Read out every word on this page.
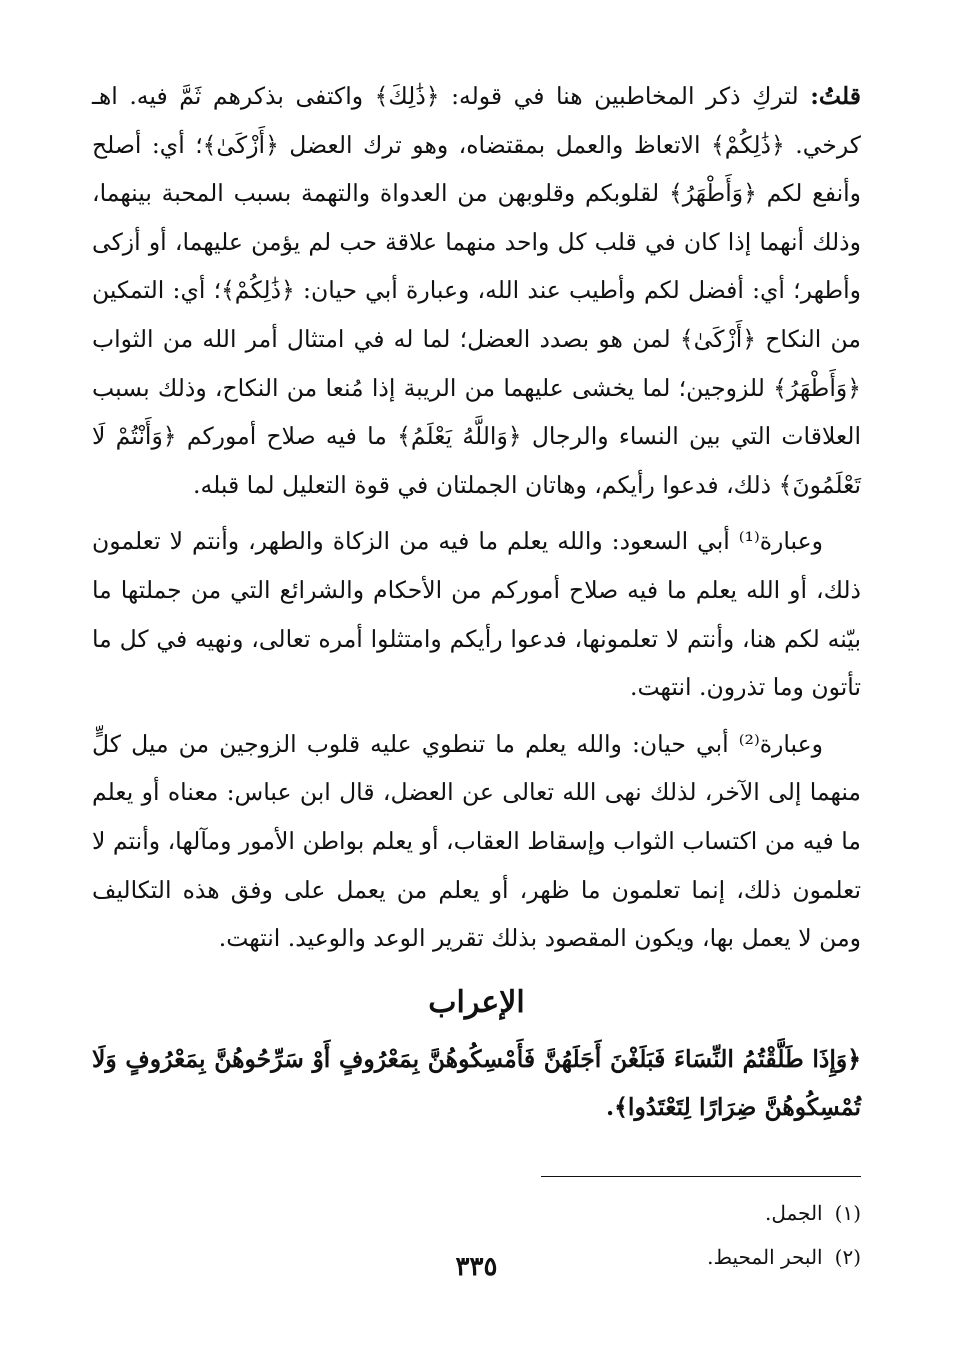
قلتُ: لتركِ ذكر المخاطبين هنا في قوله: ﴿ذَٰلِكَ﴾ واكتفى بذكرهم ثَمَّ فيه. اهـ كرخي. ﴿ذَٰلِكُمْ﴾ الاتعاظ والعمل بمقتضاه، وهو ترك العضل ﴿أَزْكَىٰ﴾؛ أي: أصلح وأنفع لكم ﴿وَأَطْهَرُ﴾ لقلوبكم وقلوبهن من العدواة والتهمة بسبب المحبة بينهما، وذلك أنهما إذا كان في قلب كل واحد منهما علاقة حب لم يؤمن عليهما، أو أزكى وأطهر؛ أي: أفضل لكم وأطيب عند الله، وعبارة أبي حيان: ﴿ذَٰلِكُمْ﴾؛ أي: التمكين من النكاح ﴿أَزْكَىٰ﴾ لمن هو بصدد العضل؛ لما له في امتثال أمر الله من الثواب ﴿وَأَطْهَرُ﴾ للزوجين؛ لما يخشى عليهما من الريبة إذا مُنعا من النكاح، وذلك بسبب العلاقات التي بين النساء والرجال ﴿وَاللَّهُ يَعْلَمُ﴾ ما فيه صلاح أموركم ﴿وَأَنْتُمْ لَا تَعْلَمُونَ﴾ ذلك، فدعوا رأيكم، وهاتان الجملتان في قوة التعليل لما قبله.

وعبارة⁽¹⁾ أبي السعود: والله يعلم ما فيه من الزكاة والطهر، وأنتم لا تعلمون ذلك، أو الله يعلم ما فيه صلاح أموركم من الأحكام والشرائع التي من جملتها ما بيّنه لكم هنا، وأنتم لا تعلمونها، فدعوا رأيكم وامتثلوا أمره تعالى، ونهيه في كل ما تأتون وما تذرون. انتهت.

وعبارة⁽²⁾ أبي حيان: والله يعلم ما تنطوي عليه قلوب الزوجين من ميل كلٍّ منهما إلى الآخر، لذلك نهى الله تعالى عن العضل، قال ابن عباس: معناه أو يعلم ما فيه من اكتساب الثواب وإسقاط العقاب، أو يعلم بواطن الأمور ومآلها، وأنتم لا تعلمون ذلك، إنما تعلمون ما ظهر، أو يعلم من يعمل على وفق هذه التكاليف ومن لا يعمل بها، ويكون المقصود بذلك تقرير الوعد والوعيد. انتهت.

الإعراب

﴿وَإِذَا طَلَّقْتُمُ النِّسَاءَ فَبَلَغْنَ أَجَلَهُنَّ فَأَمْسِكُوهُنَّ بِمَعْرُوفٍ أَوْ سَرِّحُوهُنَّ بِمَعْرُوفٍ وَلَا تُمْسِكُوهُنَّ ضِرَارًا لِتَعْتَدُوا﴾.

(١)الجمل.
(٢)البحر المحيط.
٣٣٥
